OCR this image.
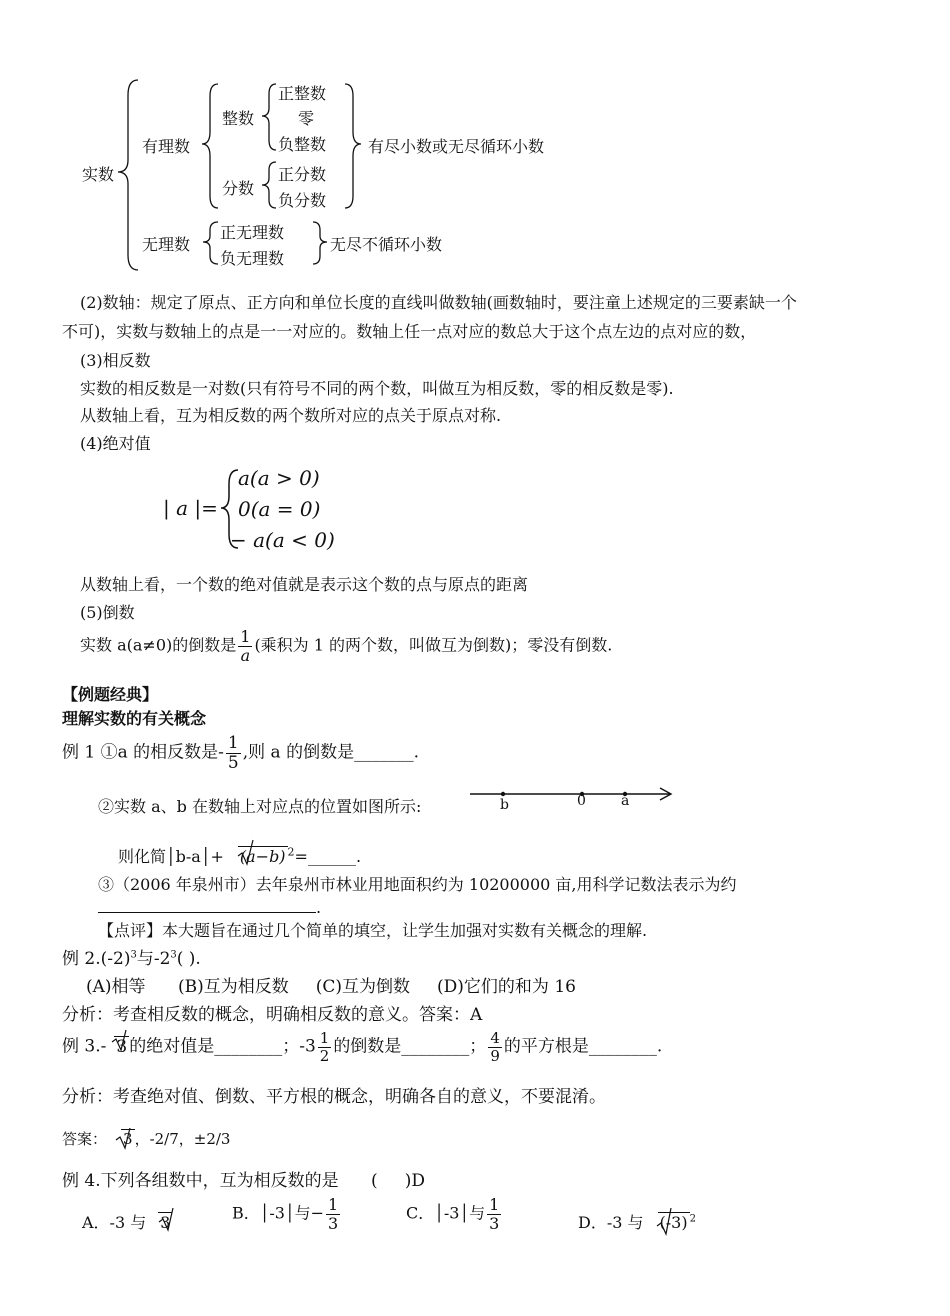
实数
有理数
整数
正整数
零
负整数
分数
正分数
负分数
有尽小数或无尽循环小数
无理数
正无理数
负无理数
无尽不循环小数
(2)数轴：规定了原点、正方向和单位长度的直线叫做数轴(画数轴时，要注童上述规定的三要素缺一个
不可)，实数与数轴上的点是一一对应的。数轴上任一点对应的数总大于这个点左边的点对应的数，
(3)相反数
实数的相反数是一对数(只有符号不同的两个数，叫做互为相反数，零的相反数是零).
从数轴上看，互为相反数的两个数所对应的点关于原点对称.
(4)绝对值
| a |=
a(a > 0)
0(a = 0)
− a(a < 0)
从数轴上看，一个数的绝对值就是表示这个数的点与原点的距离
(5)倒数
实数 a(a≠0)的倒数是 $\frac{1}{a}$ (乘积为 1 的两个数，叫做互为倒数)；零没有倒数.
【例题经典】
理解实数的有关概念
例 1 ①a 的相反数是- $\frac{1}{5}$ ,则 a 的倒数是_______.
②实数 a、b 在数轴上对应点的位置如图所示:	b	0	a
则化简│b-a│+ (a−b) $^2$=______.
③（2006 年泉州市）去年泉州市林业用地面积约为 10200000 亩,用科学记数法表示为约
.
【点评】本大题旨在通过几个简单的填空，让学生加强对实数有关概念的理解.
例 $2.(-2)^3$与$-2^3$( ).
(A)相等      (B)互为相反数     (C)互为倒数     (D)它们的和为 16
分析：考查相反数的概念，明确相反数的意义。答案：A
例 3.- 3 的绝对值是________；$-3 \frac{1}{2}$ 的倒数是________； $\frac{4}{9}$ 的平方根是________.
分析：考查绝对值、倒数、平方根的概念，明确各自的意义，不要混淆。
答案： 3 ，-2/7，±2/3
例 4.下列各组数中，互为相反数的是      (     )D
A．-3 与 3	B．│-3│与− $\frac{1}{3}$	C．│-3│与 $\frac{1}{3}$	D．-3 与 (-3) $^2$
